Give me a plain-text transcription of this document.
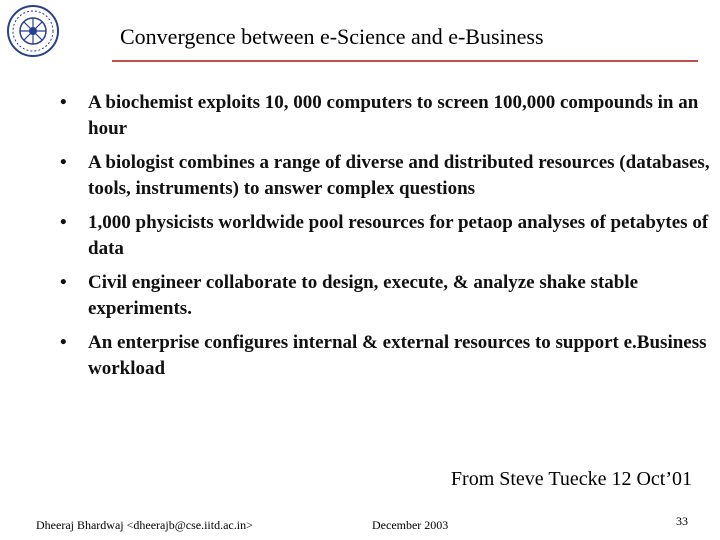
Convergence between e-Science and e-Business
• A biochemist exploits 10, 000 computers to screen 100,000 compounds in an hour
• A biologist combines a range of diverse and distributed resources (databases, tools, instruments) to answer complex questions
• 1,000 physicists worldwide pool resources for petaop analyses of petabytes of data
• Civil engineer collaborate to design, execute, & analyze shake stable experiments.
• An enterprise configures internal & external resources to support e.Business workload
From Steve Tuecke 12 Oct’01
Dheeraj Bhardwaj <dheerajb@cse.iitd.ac.in>	December 2003	33
